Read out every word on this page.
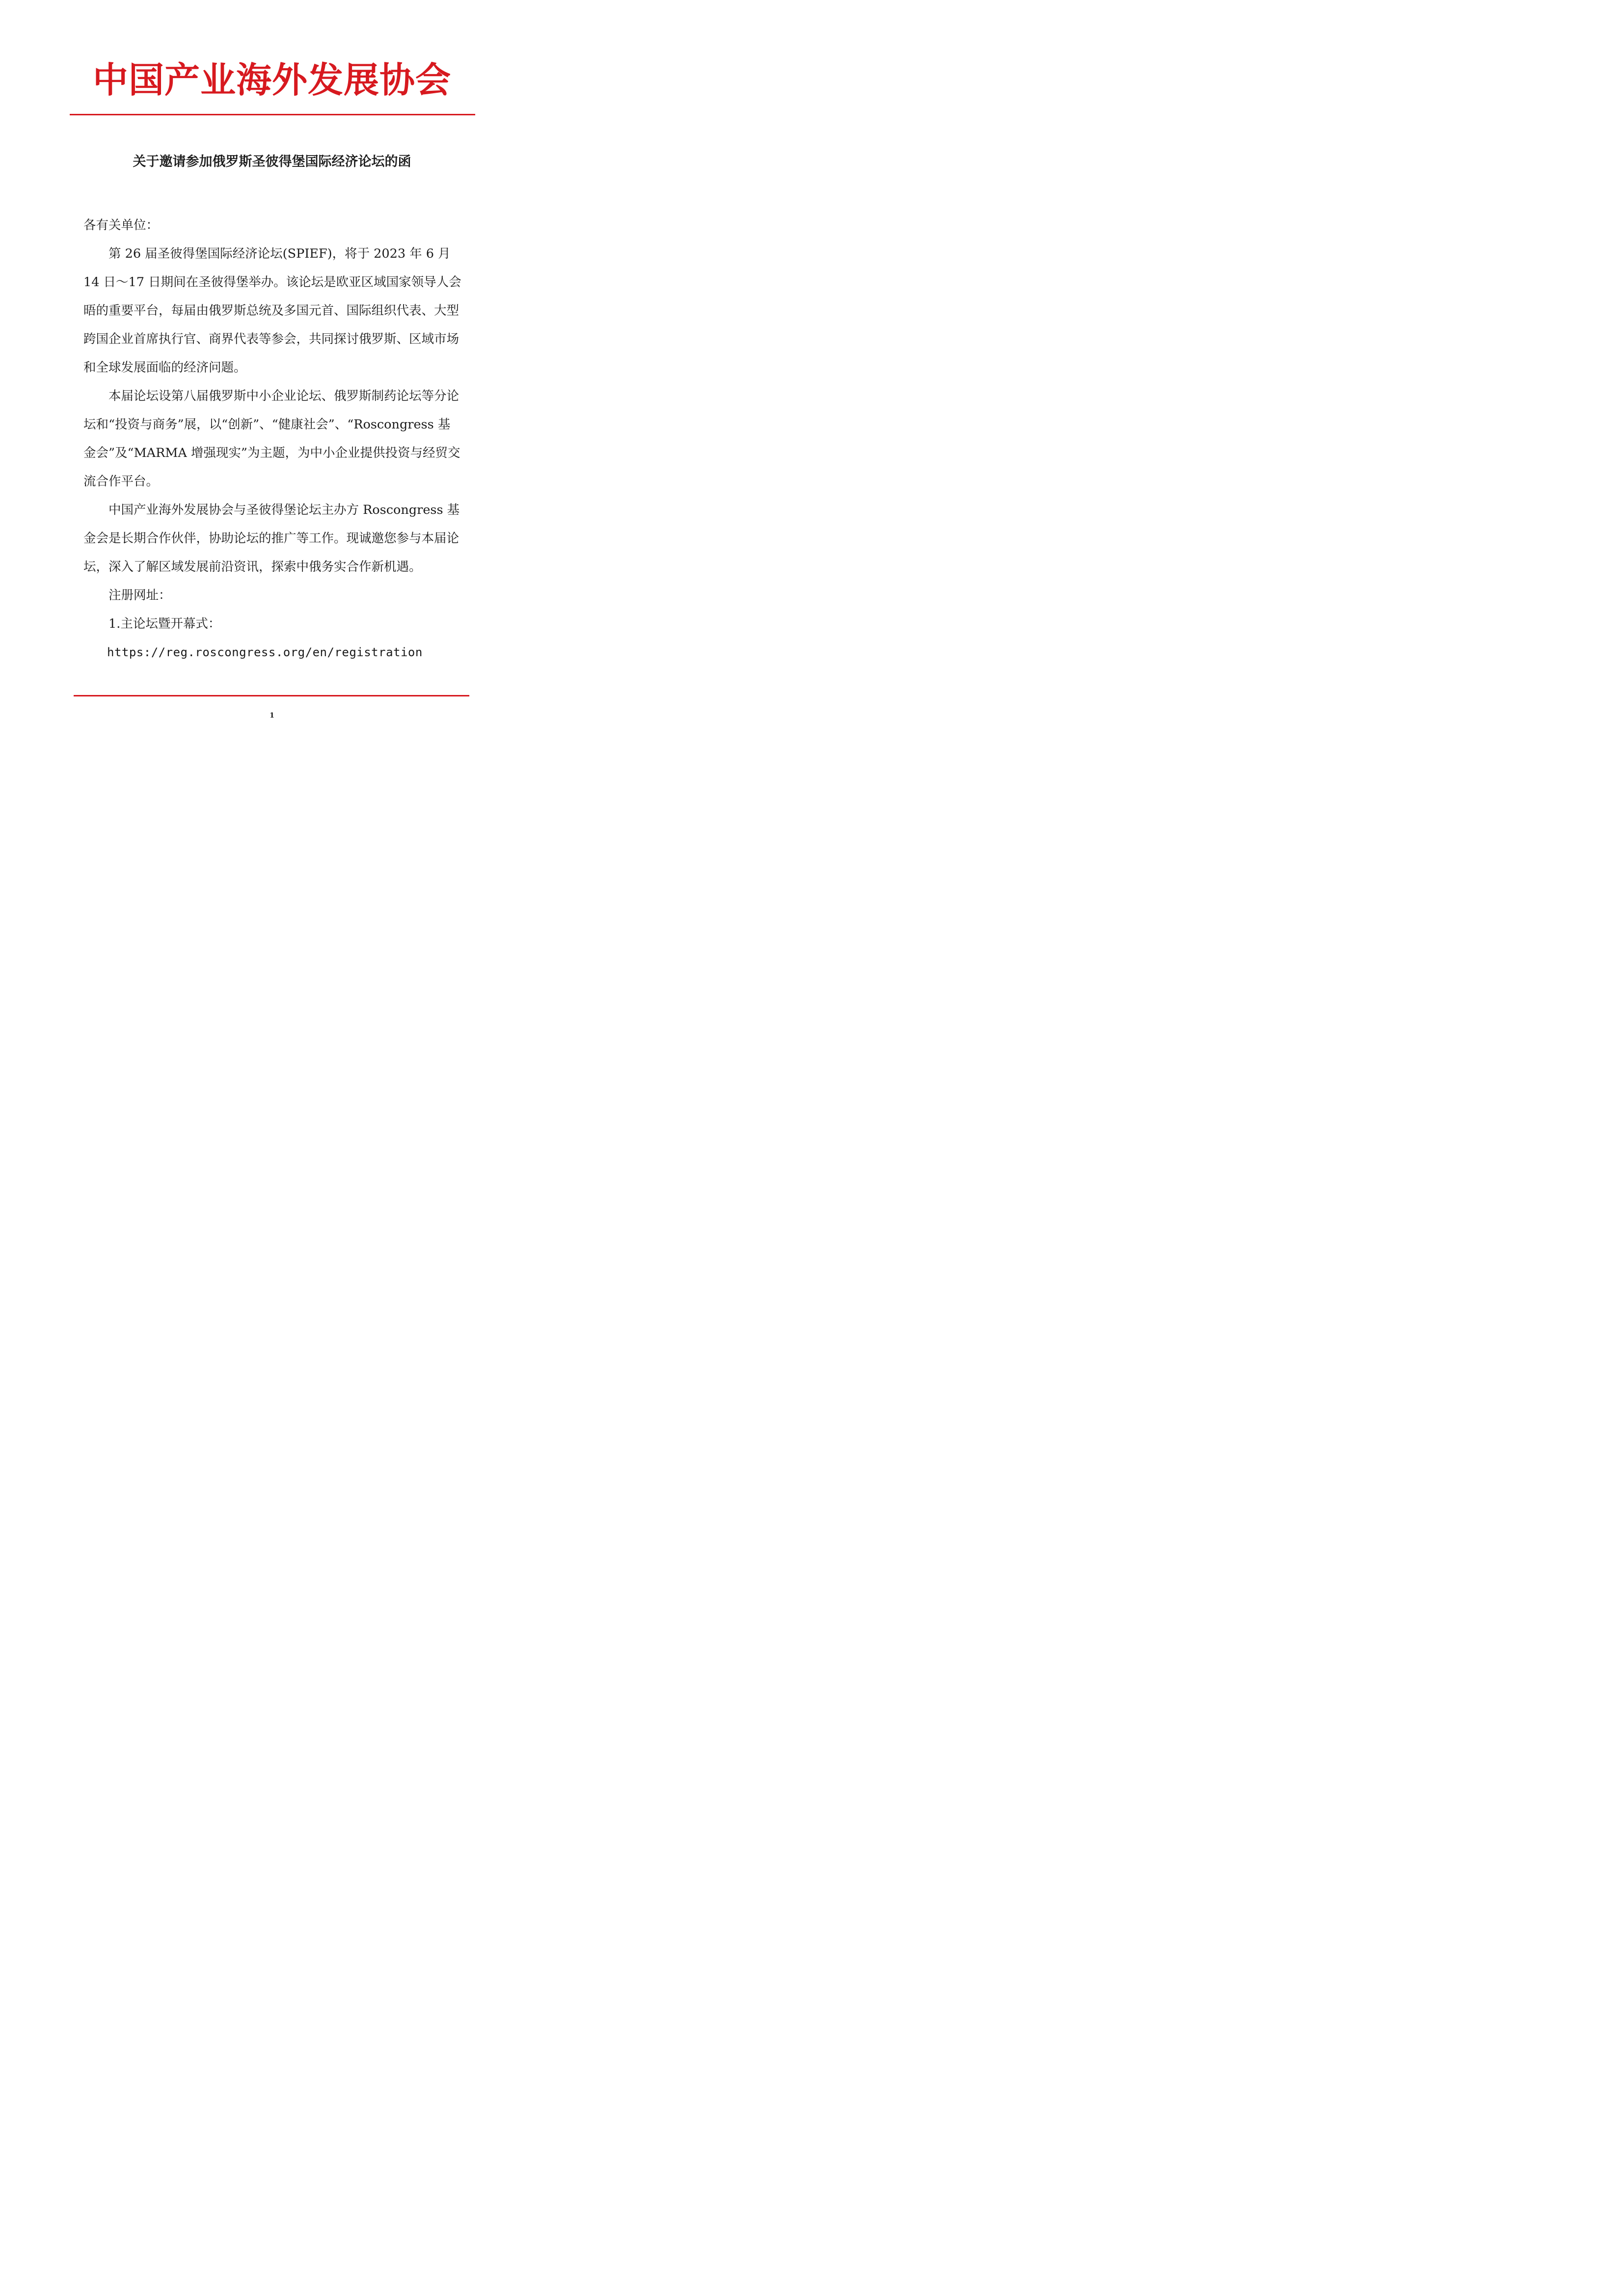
中国产业海外发展协会
关于邀请参加俄罗斯圣彼得堡国际经济论坛的函

各有关单位：

第 26 届圣彼得堡国际经济论坛(SPIEF)，将于 2023 年 6 月 14 日～17 日期间在圣彼得堡举办。该论坛是欧亚区域国家领导人会晤的重要平台，每届由俄罗斯总统及多国元首、国际组织代表、大型跨国企业首席执行官、商界代表等参会，共同探讨俄罗斯、区域市场和全球发展面临的经济问题。

本届论坛设第八届俄罗斯中小企业论坛、俄罗斯制药论坛等分论坛和“投资与商务”展，以“创新”、“健康社会”、“Roscongress 基金会”及“MARMA 增强现实”为主题，为中小企业提供投资与经贸交流合作平台。

中国产业海外发展协会与圣彼得堡论坛主办方 Roscongress 基金会是长期合作伙伴，协助论坛的推广等工作。现诚邀您参与本届论坛，深入了解区域发展前沿资讯，探索中俄务实合作新机遇。

注册网址：

1.主论坛暨开幕式：

https://reg.roscongress.org/en/registration

1
